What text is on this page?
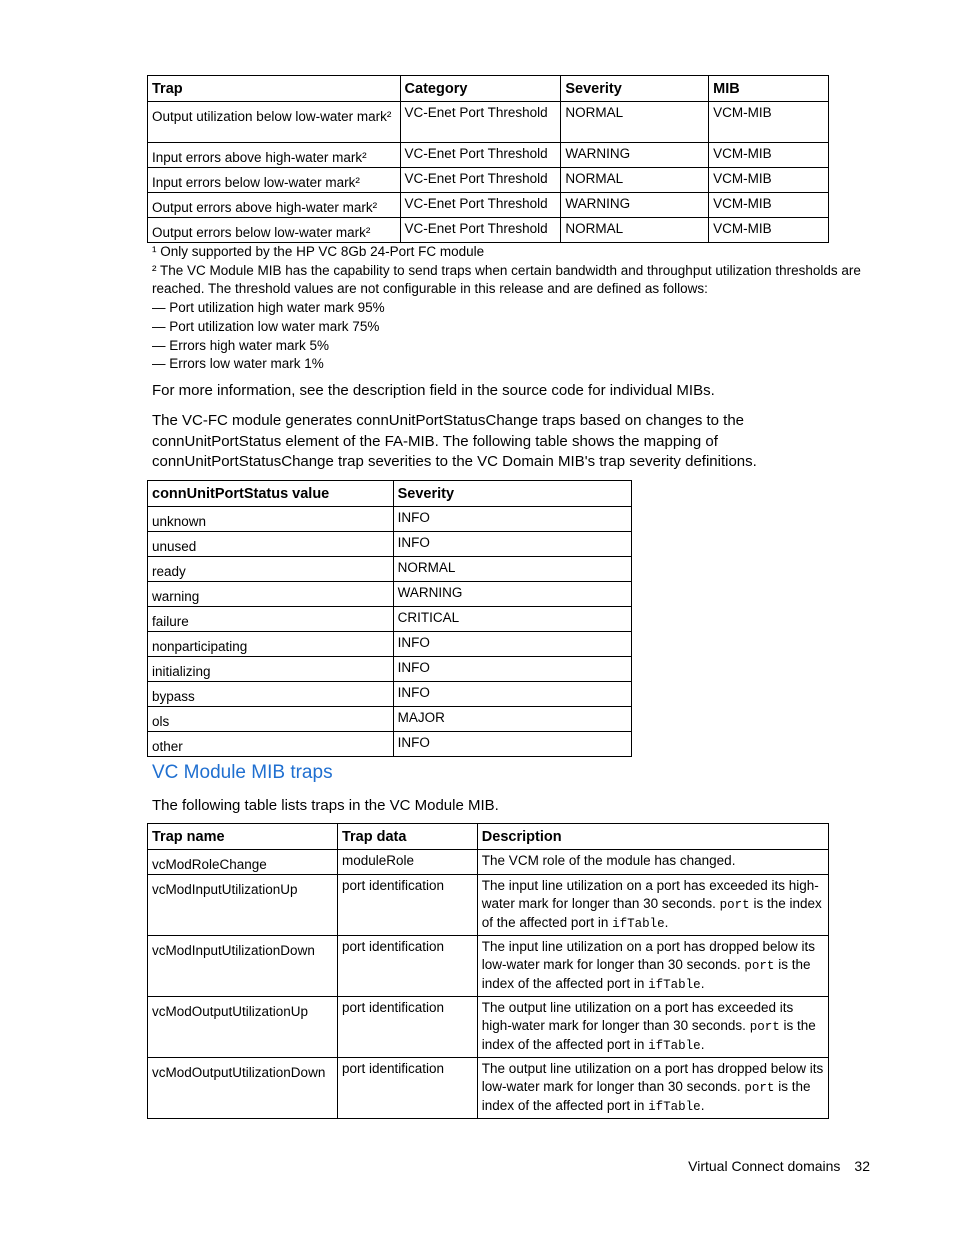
Trap	Category	Severity	MIB
Output utilization below low-water mark²	VC-Enet Port Threshold	NORMAL	VCM-MIB
Input errors above high-water mark²	VC-Enet Port Threshold	WARNING	VCM-MIB
Input errors below low-water mark²	VC-Enet Port Threshold	NORMAL	VCM-MIB
Output errors above high-water mark²	VC-Enet Port Threshold	WARNING	VCM-MIB
Output errors below low-water mark²	VC-Enet Port Threshold	NORMAL	VCM-MIB
¹ Only supported by the HP VC 8Gb 24-Port FC module
² The VC Module MIB has the capability to send traps when certain bandwidth and throughput utilization thresholds are reached. The threshold values are not configurable in this release and are defined as follows:
— Port utilization high water mark 95%
— Port utilization low water mark 75%
— Errors high water mark 5%
— Errors low water mark 1%
For more information, see the description field in the source code for individual MIBs.
The VC-FC module generates connUnitPortStatusChange traps based on changes to the connUnitPortStatus element of the FA-MIB. The following table shows the mapping of connUnitPortStatusChange trap severities to the VC Domain MIB's trap severity definitions.
connUnitPortStatus value	Severity
unknown	INFO
unused	INFO
ready	NORMAL
warning	WARNING
failure	CRITICAL
nonparticipating	INFO
initializing	INFO
bypass	INFO
ols	MAJOR
other	INFO
VC Module MIB traps
The following table lists traps in the VC Module MIB.
Trap name	Trap data	Description
vcModRoleChange	moduleRole	The VCM role of the module has changed.
vcModInputUtilizationUp	port identification	The input line utilization on a port has exceeded its high-water mark for longer than 30 seconds. port is the index of the affected port in ifTable.
vcModInputUtilizationDown	port identification	The input line utilization on a port has dropped below its low-water mark for longer than 30 seconds. port is the index of the affected port in ifTable.
vcModOutputUtilizationUp	port identification	The output line utilization on a port has exceeded its high-water mark for longer than 30 seconds. port is the index of the affected port in ifTable.
vcModOutputUtilizationDown	port identification	The output line utilization on a port has dropped below its low-water mark for longer than 30 seconds. port is the index of the affected port in ifTable.
Virtual Connect domains 32
